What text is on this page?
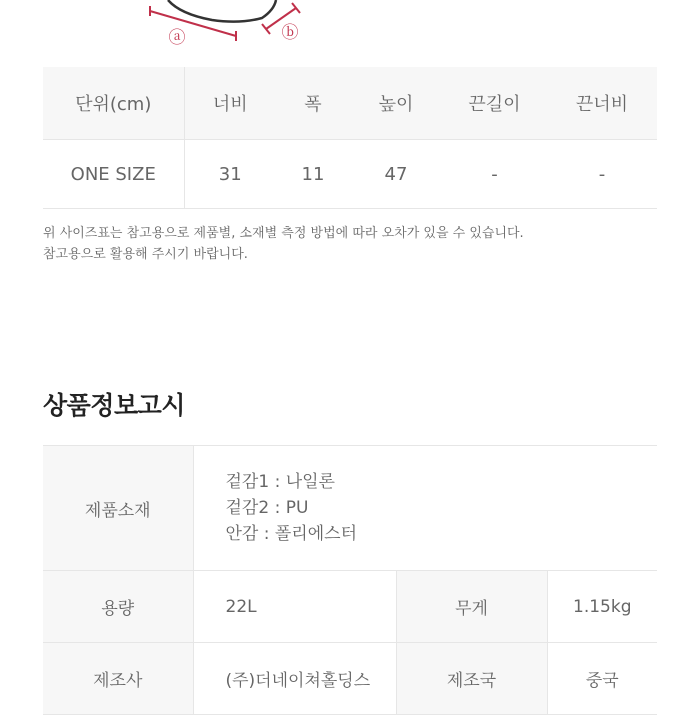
ⓐ	ⓑ
단위(cm)	너비	폭	높이	끈길이	끈너비
ONE SIZE	31	11	47	-	-
위 사이즈표는 참고용으로 제품별, 소재별 측정 방법에 따라 오차가 있을 수 있습니다.
참고용으로 활용해 주시기 바랍니다.
상품정보고시
제품소재	겉감1 : 나일론
겉감2 : PU
안감 : 폴리에스터		

용량	22L	무게	1.15kg
제조사	(주)더네이쳐홀딩스	제조국	중국
